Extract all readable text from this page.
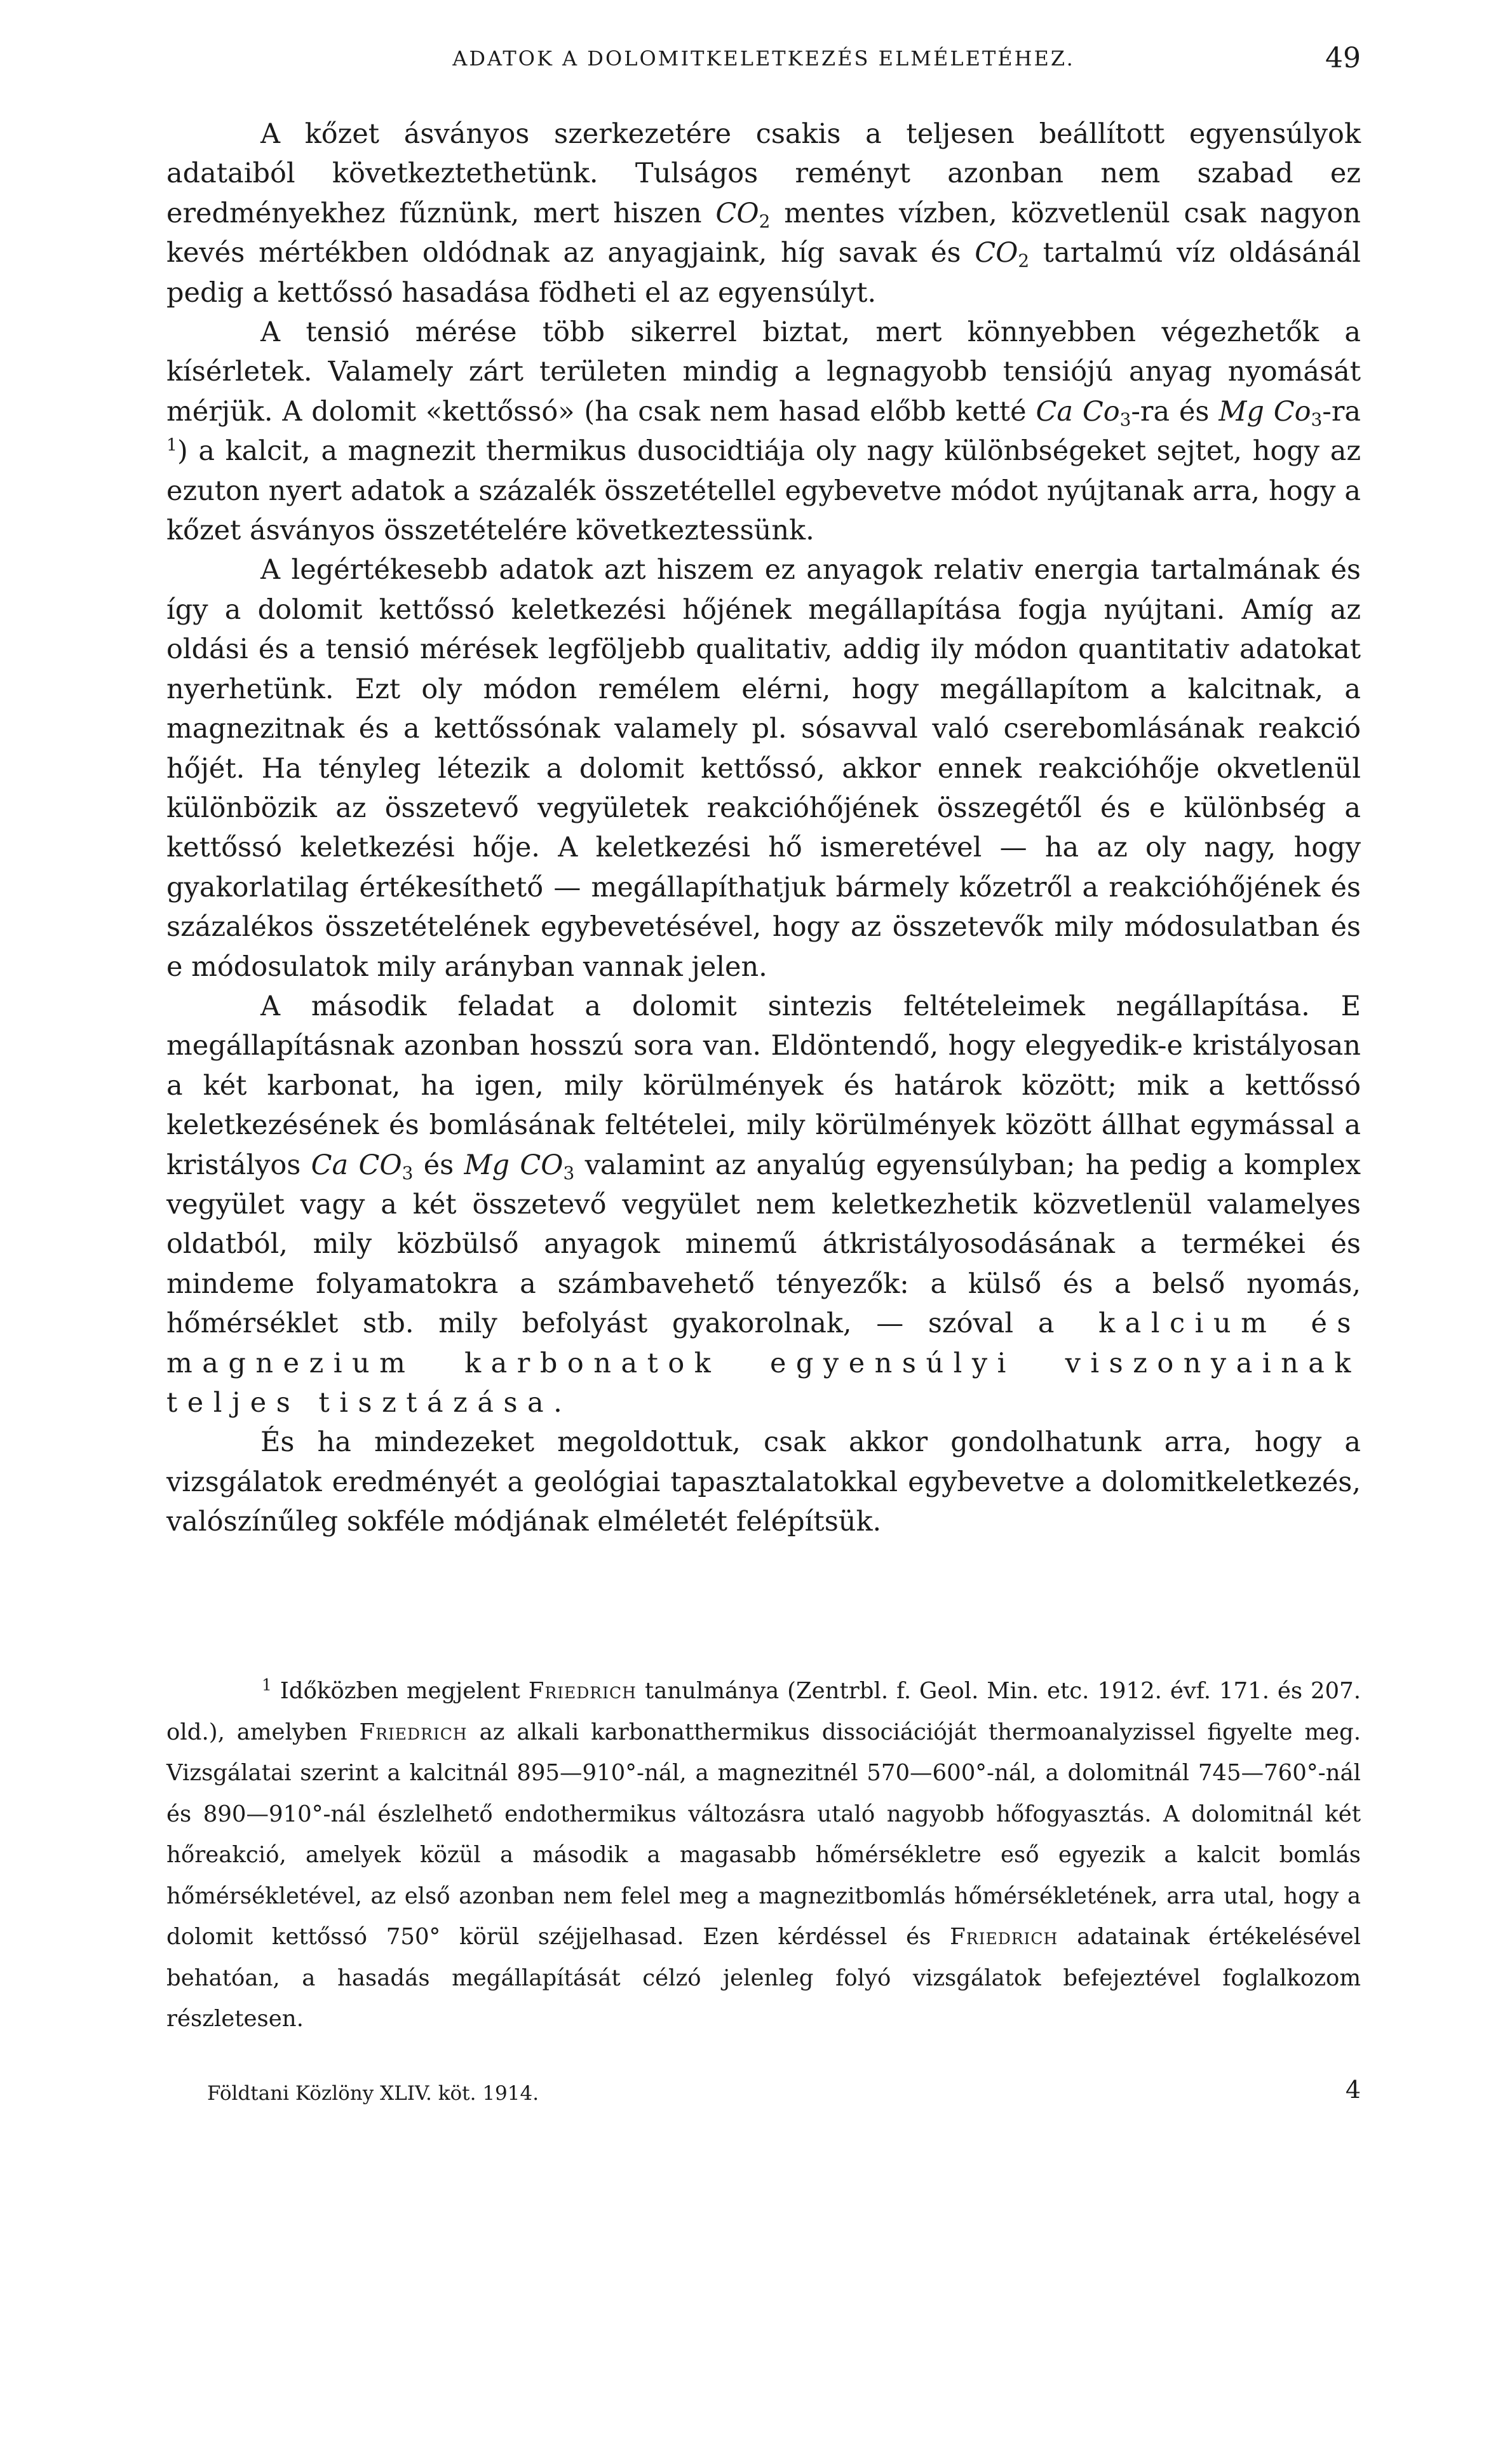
ADATOK A DOLOMITKELETKEZÉS ELMÉLETÉHEZ.	49

A kőzet ásványos szerkezetére csakis a teljesen beállított egyensúlyok adataiból következtethetünk. Tulságos reményt azonban nem szabad ez eredményekhez fűznünk, mert hiszen $CO_2$ mentes vízben, közvetlenül csak nagyon kevés mértékben oldódnak az anyagjaink, híg savak és $CO_2$ tartalmú víz oldásánál pedig a kettőssó hasadása födheti el az egyensúlyt.

A tensió mérése több sikerrel biztat, mert könnyebben végezhetők a kísérletek. Valamely zárt területen mindig a legnagyobb tensiójú anyag nyomását mérjük. A dolomit «kettőssó» (ha csak nem hasad előbb ketté Ca $Co_3-ra$ és Mg $Co_3-ra$ $^1$) a kalcit, a magnezit thermikus dusocidtiája oly nagy különbségeket sejtet, hogy az ezuton nyert adatok a százalék összetétellel egybevetve módot nyújtanak arra, hogy a kőzet ásványos összetételére következtessünk.

A legértékesebb adatok azt hiszem ez anyagok relativ energia tartalmának és így a dolomit kettőssó keletkezési hőjének megállapítása fogja nyújtani. Amíg az oldási és a tensió mérések legföljebb qualitativ, addig ily módon quantitativ adatokat nyerhetünk. Ezt oly módon remélem elérni, hogy megállapítom a kalcitnak, a magnezitnak és a kettőssónak valamely pl. sósavval való cserebomlásának reakció hőjét. Ha tényleg létezik a dolomit kettőssó, akkor ennek reakcióhője okvetlenül különbözik az összetevő vegyületek reakcióhőjének összegétől és e különbség a kettőssó keletkezési hője. A keletkezési hő ismeretével — ha az oly nagy, hogy gyakorlatilag értékesíthető — megállapíthatjuk bármely kőzetről a reakcióhőjének és százalékos összetételének egybevetésével, hogy az összetevők mily módosulatban és e módosulatok mily arányban vannak jelen.

A második feladat a dolomit sintezis feltételeimek negállapítása. E megállapításnak azonban hosszú sora van. Eldöntendő, hogy elegyedik-e kristályosan a két karbonat, ha igen, mily körülmények és határok között; mik a kettőssó keletkezésének és bomlásának feltételei, mily körülmények között állhat egymással a kristályos Ca $CO_3$ és Mg $CO_3$ valamint az anyalúg egyensúlyban; ha pedig a komplex vegyület vagy a két összetevő vegyület nem keletkezhetik közvetlenül valamelyes oldatból, mily közbülső anyagok minemű átkristályosodásának a termékei és mindeme folyamatokra a számbavehető tényezők: a külső és a belső nyomás, hőmérséklet stb. mily befolyást gyakorolnak, — szóval a kalcium és magnezium karbonatok egyensúlyi viszonyainak teljes tisztázása.

És ha mindezeket megoldottuk, csak akkor gondolhatunk arra, hogy a vizsgálatok eredményét a geológiai tapasztalatokkal egybevetve a dolomitkeletkezés, valószínűleg sokféle módjának elméletét felépítsük.

$^1$ Időközben megjelent Friedrich tanulmánya (Zentrbl. f. Geol. Min. etc. 1912. évf. 171. és 207. old.), amelyben Friedrich az alkali karbonatthermikus dissociációját thermoanalyzissel figyelte meg. Vizsgálatai szerint a kalcitnál 895—910°-nál, a magnezitnél 570—600°-nál, a dolomitnál 745—760°-nál és 890—910°-nál észlelhető endothermikus változásra utaló nagyobb hőfogyasztás. A dolomitnál két hőreakció, amelyek közül a második a magasabb hőmérsékletre eső egyezik a kalcit bomlás hőmérsékletével, az első azonban nem felel meg a magnezitbomlás hőmérsékletének, arra utal, hogy a dolomit kettőssó 750° körül széjjelhasad. Ezen kérdéssel és Friedrich adatainak értékelésével behatóan, a hasadás megállapítását célzó jelenleg folyó vizsgálatok befejeztével foglalkozom részletesen.

Földtani Közlöny XLIV. köt. 1914.	4
